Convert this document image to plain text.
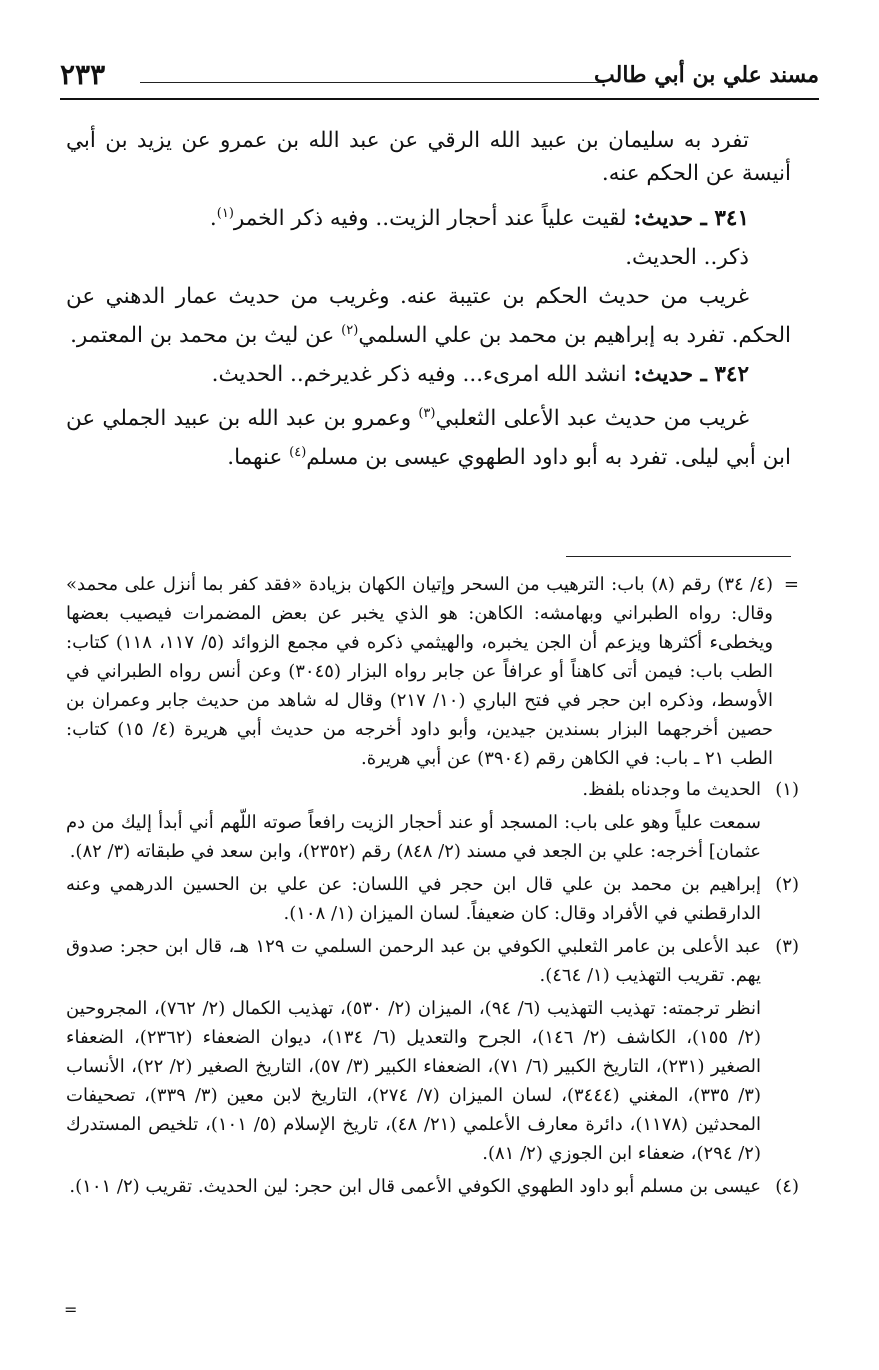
مسند علي بن أبي طالب
٢٣٣

تفرد به سليمان بن عبيد الله الرقي عن عبد الله بن عمرو عن يزيد بن أبي أنيسة عن الحكم عنه.

٣٤١ ـ حديث: لقيت علياً عند أحجار الزيت.. وفيه ذكر الخمر$^{(١)}$.

ذكر.. الحديث.

غريب من حديث الحكم بن عتيبة عنه. وغريب من حديث عمار الدهني عن الحكم. تفرد به إبراهيم بن محمد بن علي السلمي$^{(٢)}$ عن ليث بن محمد بن المعتمر.

٣٤٢ ـ حديث: انشد الله امرىء... وفيه ذكر غديرخم.. الحديث.

غريب من حديث عبد الأعلى الثعلبي$^{(٣)}$ وعمرو بن عبد الله بن عبيد الجملي عن ابن أبي ليلى. تفرد به أبو داود الطهوي عيسى بن مسلم$^{(٤)}$ عنهما.

=
(٤/ ٣٤) رقم (٨) باب: الترهيب من السحر وإتيان الكهان بزيادة «فقد كفر بما أنزل على محمد» وقال: رواه الطبراني وبهامشه: الكاهن: هو الذي يخبر عن بعض المضمرات فيصيب بعضها ويخطىء أكثرها ويزعم أن الجن يخبره، والهيثمي ذكره في مجمع الزوائد (٥/ ١١٧، ١١٨) كتاب: الطب باب: فيمن أتى كاهناً أو عرافاً عن جابر رواه البزار (٣٠٤٥) وعن أنس رواه الطبراني في الأوسط، وذكره ابن حجر في فتح الباري (١٠/ ٢١٧) وقال له شاهد من حديث جابر وعمران بن حصين أخرجهما البزار بسندين جيدين، وأبو داود أخرجه من حديث أبي هريرة (٤/ ١٥) كتاب: الطب ٢١ ـ باب: في الكاهن رقم (٣٩٠٤) عن أبي هريرة.
(١)
الحديث ما وجدناه بلفظ.

سمعت علياً وهو على باب: المسجد أو عند أحجار الزيت رافعاً صوته اللّهم أني أبدأ إليك من دم عثمان] أخرجه: علي بن الجعد في مسند (٢/ ٨٤٨) رقم (٢٣٥٢)، وابن سعد في طبقاته (٣/ ٨٢).

(٢)
إبراهيم بن محمد بن علي قال ابن حجر في اللسان: عن علي بن الحسين الدرهمي وعنه الدارقطني في الأفراد وقال: كان ضعيفاً. لسان الميزان (١/ ١٠٨).
(٣)
عبد الأعلى بن عامر الثعلبي الكوفي بن عبد الرحمن السلمي ت ١٢٩ هـ، قال ابن حجر: صدوق يهم. تقريب التهذيب (١/ ٤٦٤).

انظر ترجمته: تهذيب التهذيب (٦/ ٩٤)، الميزان (٢/ ٥٣٠)، تهذيب الكمال (٢/ ٧٦٢)، المجروحين (٢/ ١٥٥)، الكاشف (٢/ ١٤٦)، الجرح والتعديل (٦/ ١٣٤)، ديوان الضعفاء (٢٣٦٢)، الضعفاء الصغير (٢٣١)، التاريخ الكبير (٦/ ٧١)، الضعفاء الكبير (٣/ ٥٧)، التاريخ الصغير (٢/ ٢٢)، الأنساب (٣/ ٣٣٥)، المغني (٣٤٤٤)، لسان الميزان (٧/ ٢٧٤)، التاريخ لابن معين (٣/ ٣٣٩)، تصحيفات المحدثين (١١٧٨)، دائرة معارف الأعلمي (٢١/ ٤٨)، تاريخ الإسلام (٥/ ١٠١)، تلخيص المستدرك (٢/ ٢٩٤)، ضعفاء ابن الجوزي (٢/ ٨١).

(٤)
عيسى بن مسلم أبو داود الطهوي الكوفي الأعمى قال ابن حجر: لين الحديث. تقريب (٢/ ١٠١).
=
